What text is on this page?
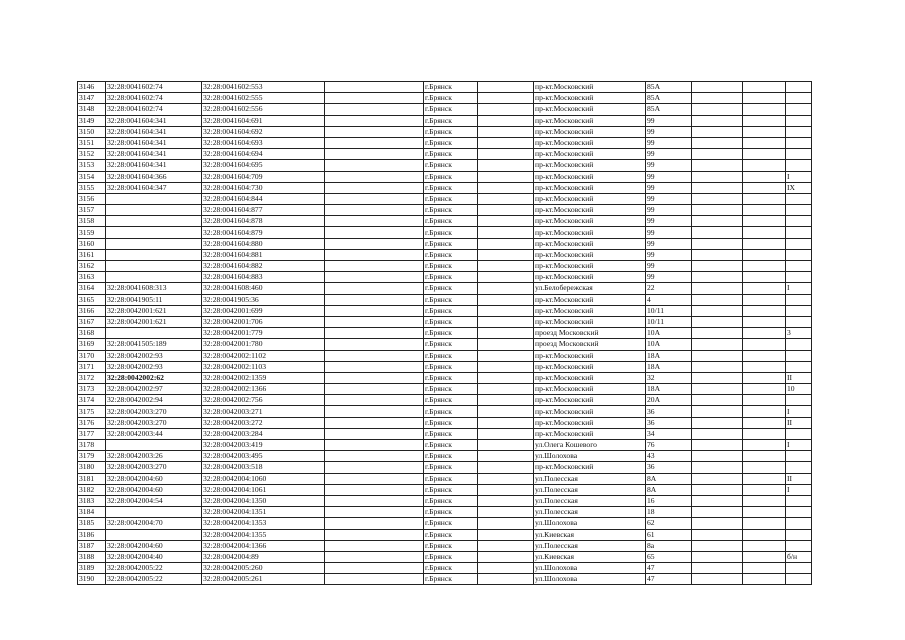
3146	32:28:0041602:74	32:28:0041602:553		г.Брянск		пр-кт.Московский	85А			
3147	32:28:0041602:74	32:28:0041602:555		г.Брянск		пр-кт.Московский	85А			
3148	32:28:0041602:74	32:28:0041602:556		г.Брянск		пр-кт.Московский	85А			
3149	32:28:0041604:341	32:28:0041604:691		г.Брянск		пр-кт.Московский	99			
3150	32:28:0041604:341	32:28:0041604:692		г.Брянск		пр-кт.Московский	99			
3151	32:28:0041604:341	32:28:0041604:693		г.Брянск		пр-кт.Московский	99			
3152	32:28:0041604:341	32:28:0041604:694		г.Брянск		пр-кт.Московский	99			
3153	32:28:0041604:341	32:28:0041604:695		г.Брянск		пр-кт.Московский	99			
3154	32:28:0041604:366	32:28:0041604:709		г.Брянск		пр-кт.Московский	99			I
3155	32:28:0041604:347	32:28:0041604:730		г.Брянск		пр-кт.Московский	99			IX
3156		32:28:0041604:844		г.Брянск		пр-кт.Московский	99			
3157		32:28:0041604:877		г.Брянск		пр-кт.Московский	99			
3158		32:28:0041604:878		г.Брянск		пр-кт.Московский	99			
3159		32:28:0041604:879		г.Брянск		пр-кт.Московский	99			
3160		32:28:0041604:880		г.Брянск		пр-кт.Московский	99			
3161		32:28:0041604:881		г.Брянск		пр-кт.Московский	99			
3162		32:28:0041604:882		г.Брянск		пр-кт.Московский	99			
3163		32:28:0041604:883		г.Брянск		пр-кт.Московский	99			
3164	32:28:0041608:313	32:28:0041608:460		г.Брянск		ул.Белобережская	22			I
3165	32:28:0041905:11	32:28:0041905:36		г.Брянск		пр-кт.Московский	4			
3166	32:28:0042001:621	32:28:0042001:699		г.Брянск		пр-кт.Московский	10/11			
3167	32:28:0042001:621	32:28:0042001:706		г.Брянск		пр-кт.Московский	10/11			
3168		32:28:0042001:779		г.Брянск		проезд Московский	10А			3
3169	32:28:0041505:189	32:28:0042001:780		г.Брянск		проезд Московский	10А			
3170	32:28:0042002:93	32:28:0042002:1102		г.Брянск		пр-кт.Московский	18А			
3171	32:28:0042002:93	32:28:0042002:1103		г.Брянск		пр-кт.Московский	18А			
3172	32:28:0042002:62	32:28:0042002:1359		г.Брянск		пр-кт.Московский	32			II
3173	32:28:0042002:97	32:28:0042002:1366		г.Брянск		пр-кт.Московский	18А			10
3174	32:28:0042002:94	32:28:0042002:756		г.Брянск		пр-кт.Московский	20А			
3175	32:28:0042003:270	32:28:0042003:271		г.Брянск		пр-кт.Московский	36			I
3176	32:28:0042003:270	32:28:0042003:272		г.Брянск		пр-кт.Московский	36			II
3177	32:28:0042003:44	32:28:0042003:284		г.Брянск		пр-кт.Московский	34			
3178		32:28:0042003:419		г.Брянск		ул.Олега Кошевого	76			I
3179	32:28:0042003:26	32:28:0042003:495		г.Брянск		ул.Шолохова	43			
3180	32:28:0042003:270	32:28:0042003:518		г.Брянск		пр-кт.Московский	36			
3181	32:28:0042004:60	32:28:0042004:1060		г.Брянск		ул.Полесская	8А			II
3182	32:28:0042004:60	32:28:0042004:1061		г.Брянск		ул.Полесская	8А			I
3183	32:28:0042004:54	32:28:0042004:1350		г.Брянск		ул.Полесская	16			
3184		32:28:0042004:1351		г.Брянск		ул.Полесская	18			
3185	32:28:0042004:70	32:28:0042004:1353		г.Брянск		ул.Шолохова	62			
3186		32:28:0042004:1355		г.Брянск		ул.Киевская	61			
3187	32:28:0042004:60	32:28:0042004:1366		г.Брянск		ул.Полесская	8а			
3188	32:28:0042004:40	32:28:0042004:89		г.Брянск		ул.Киевская	65			б/н
3189	32:28:0042005:22	32:28:0042005:260		г.Брянск		ул.Шолохова	47			
3190	32:28:0042005:22	32:28:0042005:261		г.Брянск		ул.Шолохова	47			
